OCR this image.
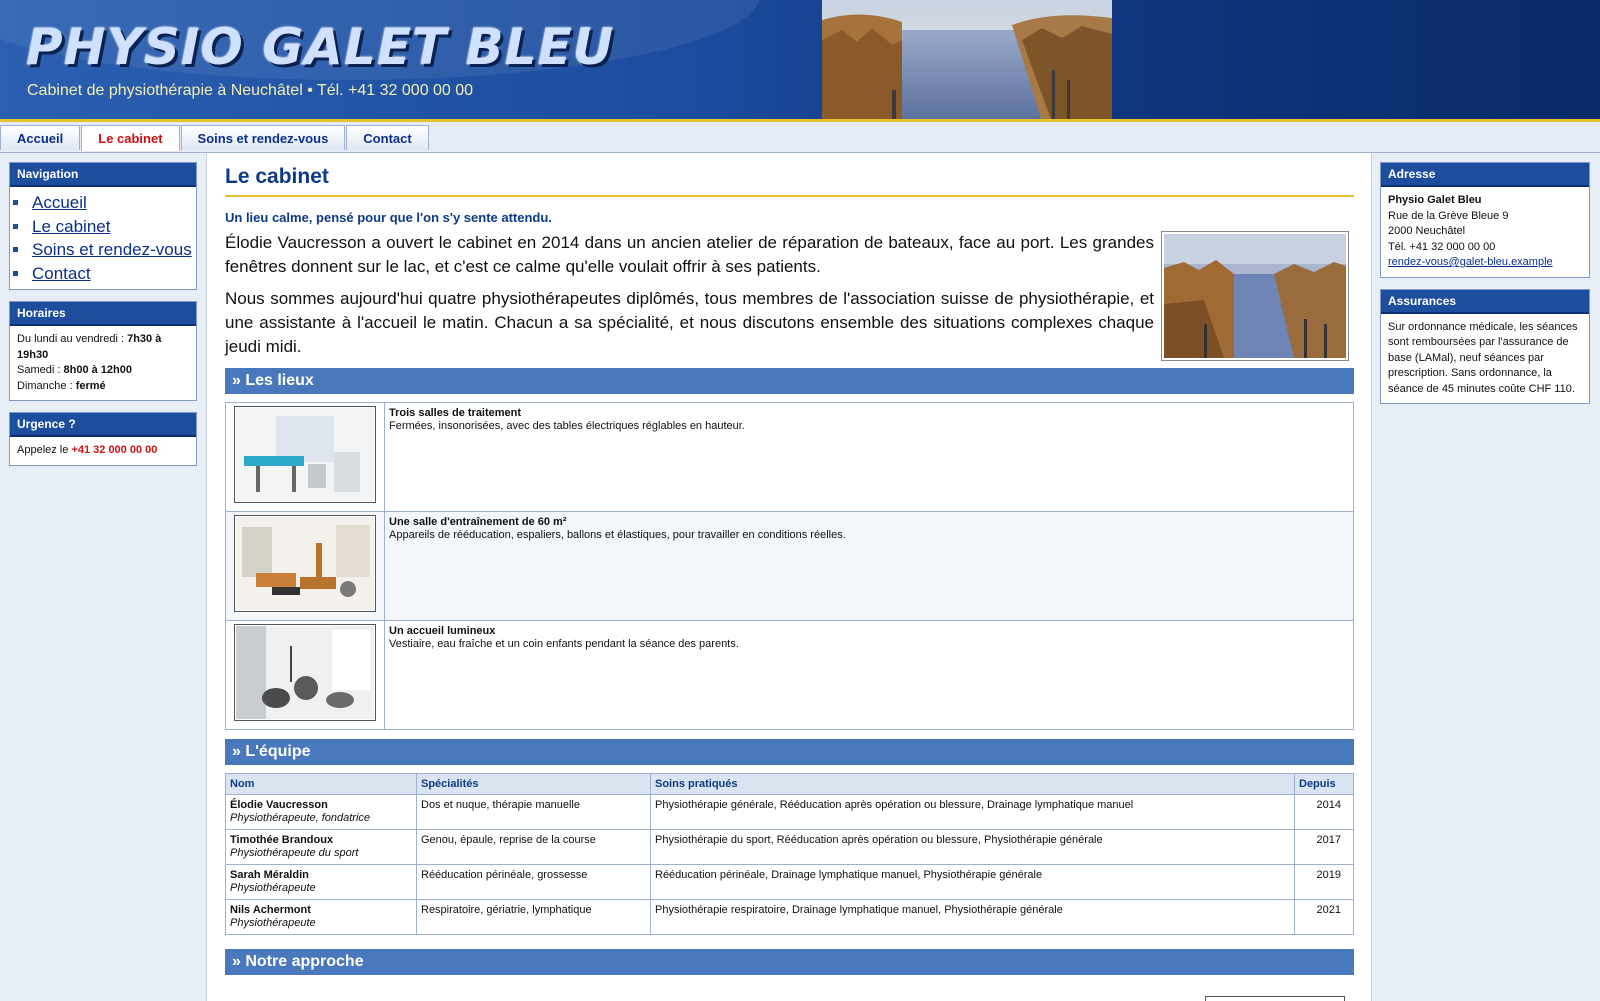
PHYSIO GALET BLEU
Cabinet de physiothérapie à Neuchâtel • Tél. +41 32 000 00 00
Accueil	Le cabinet	Soins et rendez-vous	Contact
Navigation
Accueil
Le cabinet
Soins et rendez-vous
Contact
Horaires
Du lundi au vendredi : 7h30 à 19h30
Samedi : 8h00 à 12h00
Dimanche : fermé
Urgence ?
Appelez le +41 32 000 00 00
Le cabinet
Un lieu calme, pensé pour que l'on s'y sente attendu.

Élodie Vaucresson a ouvert le cabinet en 2014 dans un ancien atelier de réparation de bateaux, face au port. Les grandes fenêtres donnent sur le lac, et c'est ce calme qu'elle voulait offrir à ses patients.

Nous sommes aujourd'hui quatre physiothérapeutes diplômés, tous membres de l'association suisse de physiothérapie, et une assistante à l'accueil le matin. Chacun a sa spécialité, et nous discutons ensemble des situations complexes chaque jeudi midi.

» Les lieux
Trois salles de traitement
Fermées, insonorisées, avec des tables électriques réglables en hauteur.
Une salle d'entraînement de 60 m²
Appareils de rééducation, espaliers, ballons et élastiques, pour travailler en conditions réelles.
Un accueil lumineux
Vestiaire, eau fraîche et un coin enfants pendant la séance des parents.
» L'équipe
Nom	Spécialités	Soins pratiqués	Depuis
Élodie Vaucresson
Physiothérapeute, fondatrice	Dos et nuque, thérapie manuelle	Physiothérapie générale, Rééducation après opération ou blessure, Drainage lymphatique manuel	2014
Timothée Brandoux
Physiothérapeute du sport	Genou, épaule, reprise de la course	Physiothérapie du sport, Rééducation après opération ou blessure, Physiothérapie générale	2017
Sarah Méraldin
Physiothérapeute	Rééducation périnéale, grossesse	Rééducation périnéale, Drainage lymphatique manuel, Physiothérapie générale	2019
Nils Achermont
Physiothérapeute	Respiratoire, gériatrie, lymphatique	Physiothérapie respiratoire, Drainage lymphatique manuel, Physiothérapie générale	2021
» Notre approche
Adresse
Physio Galet Bleu
Rue de la Grève Bleue 9
2000 Neuchâtel
Tél. +41 32 000 00 00
rendez-vous@galet-bleu.example
Assurances
Sur ordonnance médicale, les séances sont remboursées par l'assurance de base (LAMal), neuf séances par prescription. Sans ordonnance, la séance de 45 minutes coûte CHF 110.
